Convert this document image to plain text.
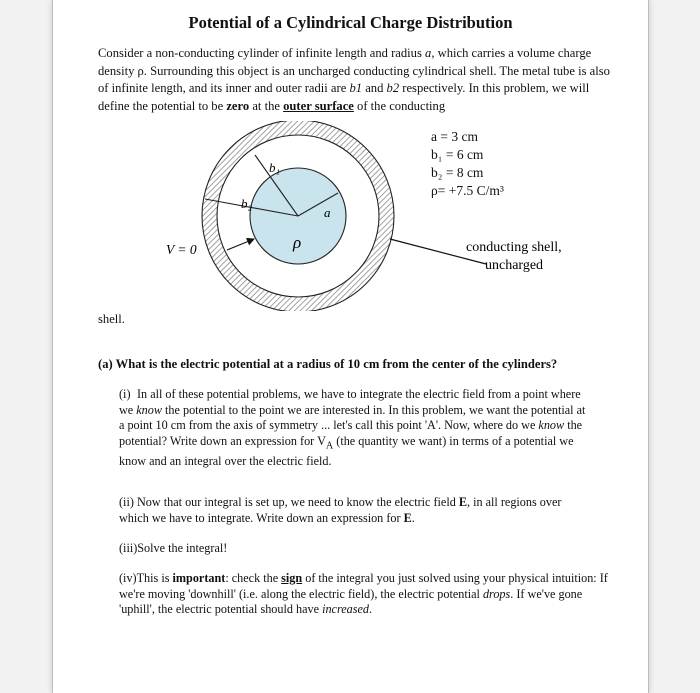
Potential of a Cylindrical Charge Distribution

Consider a non-conducting cylinder of infinite length and radius a, which carries a volume charge density ρ. Surrounding this object is an uncharged conducting cylindrical shell. The metal tube is also of infinite length, and its inner and outer radii are b1 and b2 respectively. In this problem, we will define the potential to be zero at the outer surface of the conducting

b₁
b₂
a
ρ
V = 0	conducting shell,
uncharged
a = 3 cm
b₁ = 6 cm
b₂ = 8 cm
ρ= +7.5 C/m³
shell.
(a) What is the electric potential at a radius of 10 cm from the center of the cylinders?

(i) In all of these potential problems, we have to integrate the electric field from a point where we know the potential to the point we are interested in. In this problem, we want the potential at a point 10 cm from the axis of symmetry ... let's call this point 'A'. Now, where do we know the potential? Write down an expression for $V_A$ (the quantity we want) in terms of a potential we know and an integral over the electric field.

(ii) Now that our integral is set up, we need to know the electric field E, in all regions over which we have to integrate. Write down an expression for E.

(iii)Solve the integral!

(iv)This is important: check the sign of the integral you just solved using your physical intuition: If we're moving 'downhill' (i.e. along the electric field), the electric potential drops. If we've gone 'uphill', the electric potential should have increased.
